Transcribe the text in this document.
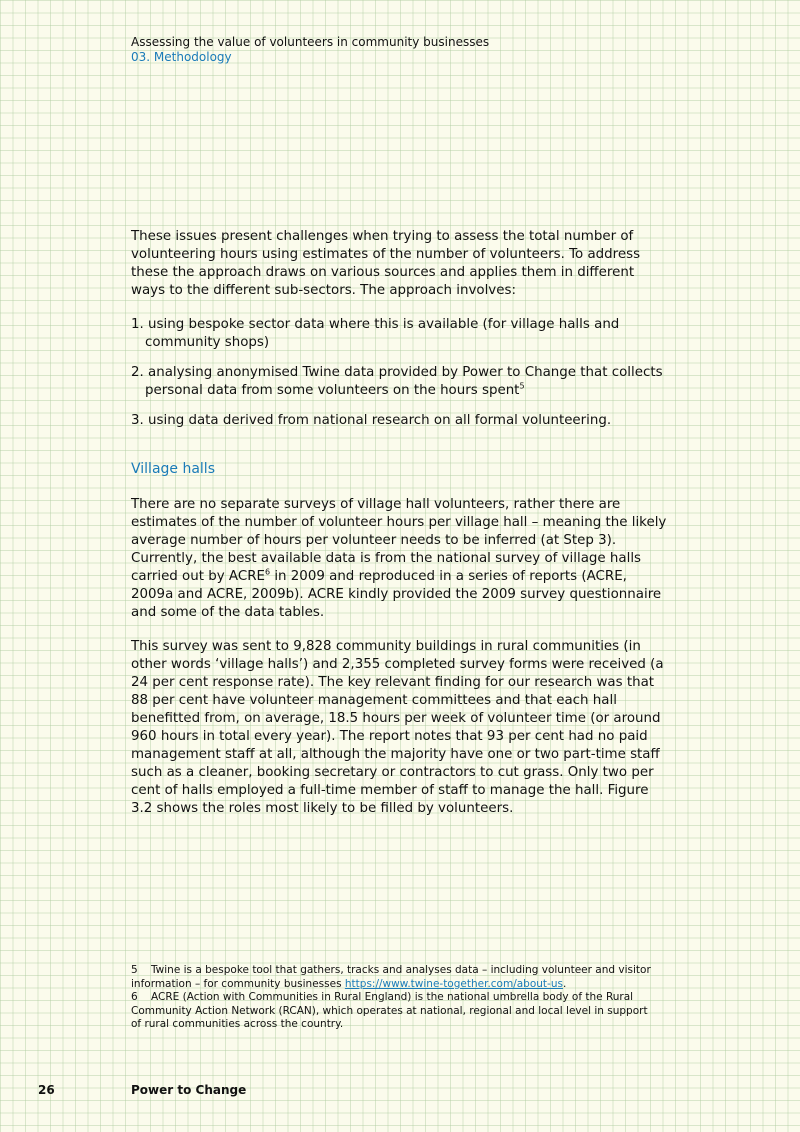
Assessing the value of volunteers in community businesses
03. Methodology

These issues present challenges when trying to assess the total number of volunteering hours using estimates of the number of volunteers. To address these the approach draws on various sources and applies them in different ways to the different sub-sectors. The approach involves:

1. using bespoke sector data where this is available (for village halls and community shops)
2. analysing anonymised Twine data provided by Power to Change that collects personal data from some volunteers on the hours spent$^5$
3. using data derived from national research on all formal volunteering.
Village halls

There are no separate surveys of village hall volunteers, rather there are estimates of the number of volunteer hours per village hall – meaning the likely average number of hours per volunteer needs to be inferred (at Step 3). Currently, the best available data is from the national survey of village halls carried out by ACRE$^6$ in 2009 and reproduced in a series of reports (ACRE, 2009a and ACRE, 2009b). ACRE kindly provided the 2009 survey questionnaire and some of the data tables.

This survey was sent to 9,828 community buildings in rural communities (in other words ‘village halls’) and 2,355 completed survey forms were received (a 24 per cent response rate). The key relevant finding for our research was that 88 per cent have volunteer management committees and that each hall benefitted from, on average, 18.5 hours per week of volunteer time (or around 960 hours in total every year). The report notes that 93 per cent had no paid management staff at all, although the majority have one or two part-time staff such as a cleaner, booking secretary or contractors to cut grass. Only two per cent of halls employed a full-time member of staff to manage the hall. Figure 3.2 shows the roles most likely to be filled by volunteers.

5 Twine is a bespoke tool that gathers, tracks and analyses data – including volunteer and visitor information – for community businesses https://www.twine-together.com/about-us.
6 ACRE (Action with Communities in Rural England) is the national umbrella body of the Rural Community Action Network (RCAN), which operates at national, regional and local level in support of rural communities across the country.
26	Power to Change
